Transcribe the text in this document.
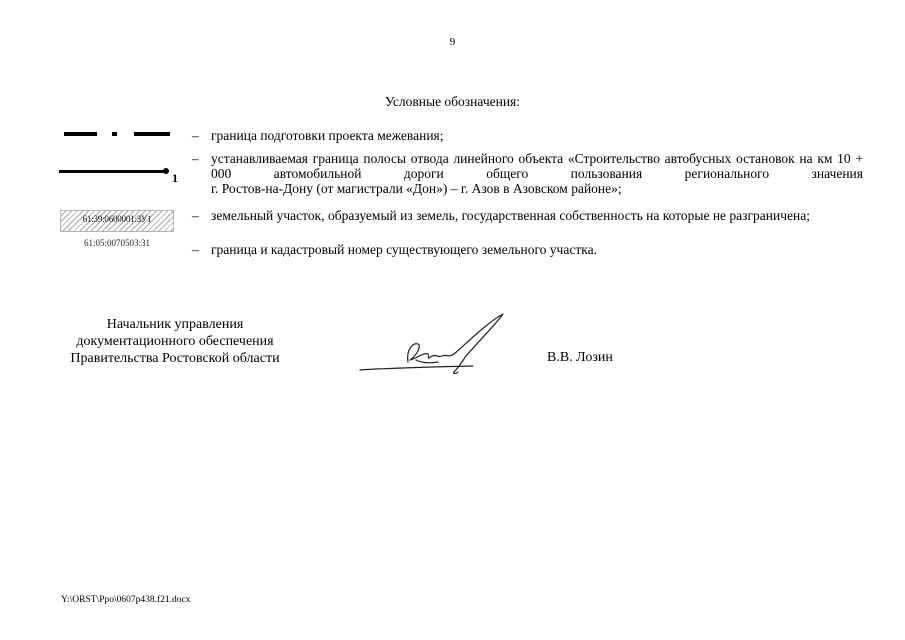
9
Условные обозначения:
– граница подготовки проекта межевания;
1
– устанавливаемая граница полосы отвода линейного объекта «Строительство автобусных остановок на км 10 + 000 автомобильной дороги общего пользования регионального значения
г. Ростов-на-Дону (от магистрали «Дон») – г. Азов в Азовском районе»;
61:39:0600001:ЗУ1	– земельный участок, образуемый из земель, государственная собственность на которые не разграничена;
61:05:0070503:31	– граница и кадастровый номер существующего земельного участка.
Начальник управления
документационного обеспечения
Правительства Ростовской области	В.В. Лозин
Y:\ORST\Ppo\0607p438.f21.docx
